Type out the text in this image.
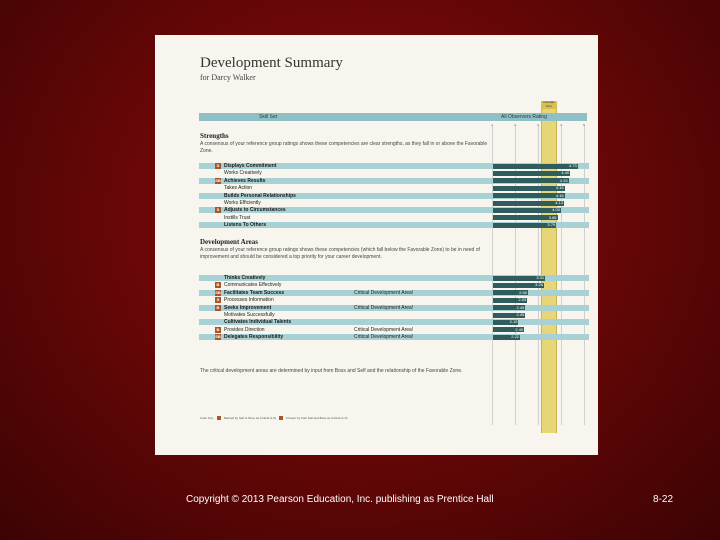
Development Summary
for Darcy Walker
Favorable Zone
Skill Set	All Observers Rating
1	2	3	4	5
Strengths
A consensus of your reference group ratings shows these competencies are clear strengths, as they fall in or above the Favorable Zone.
S Displays Commitment	4.73
Works Creatively	4.40
SB Achieves Results	4.33
Takes Action	4.16
Builds Personal Relationships	4.16
Works Efficiently	4.13
S Adjusts to Circumstances	4.00
Instills Trust	3.85
Listens To Others	3.79
Development Areas
A consensus of your reference group ratings shows these competencies (which fall below the Favorable Zone) to be in need of improvement and should be considered a top priority for your career development.
Thinks Creatively	3.31
B Communicates Effectively	3.26
SB Facilitates Team Success	Critical Development Area!	2.56
S Processes Information	2.53
B Seeks Improvement	Critical Development Area!	2.45
Motivates Successfully	2.45
Cultivates Individual Talents	2.15
B Provides Direction	Critical Development Area!	2.40
SB Delegates Responsibility	Critical Development Area!	2.22
The critical development areas are determined by input from Boss and Self and the relationship of the Favorable Zone.
Color Key:	Ranked by Self or Boss as Critical (1-5)	Chosen by both Self and Boss as Critical (1-5)
Copyright © 2013 Pearson Education, Inc. publishing as Prentice Hall	8-22
